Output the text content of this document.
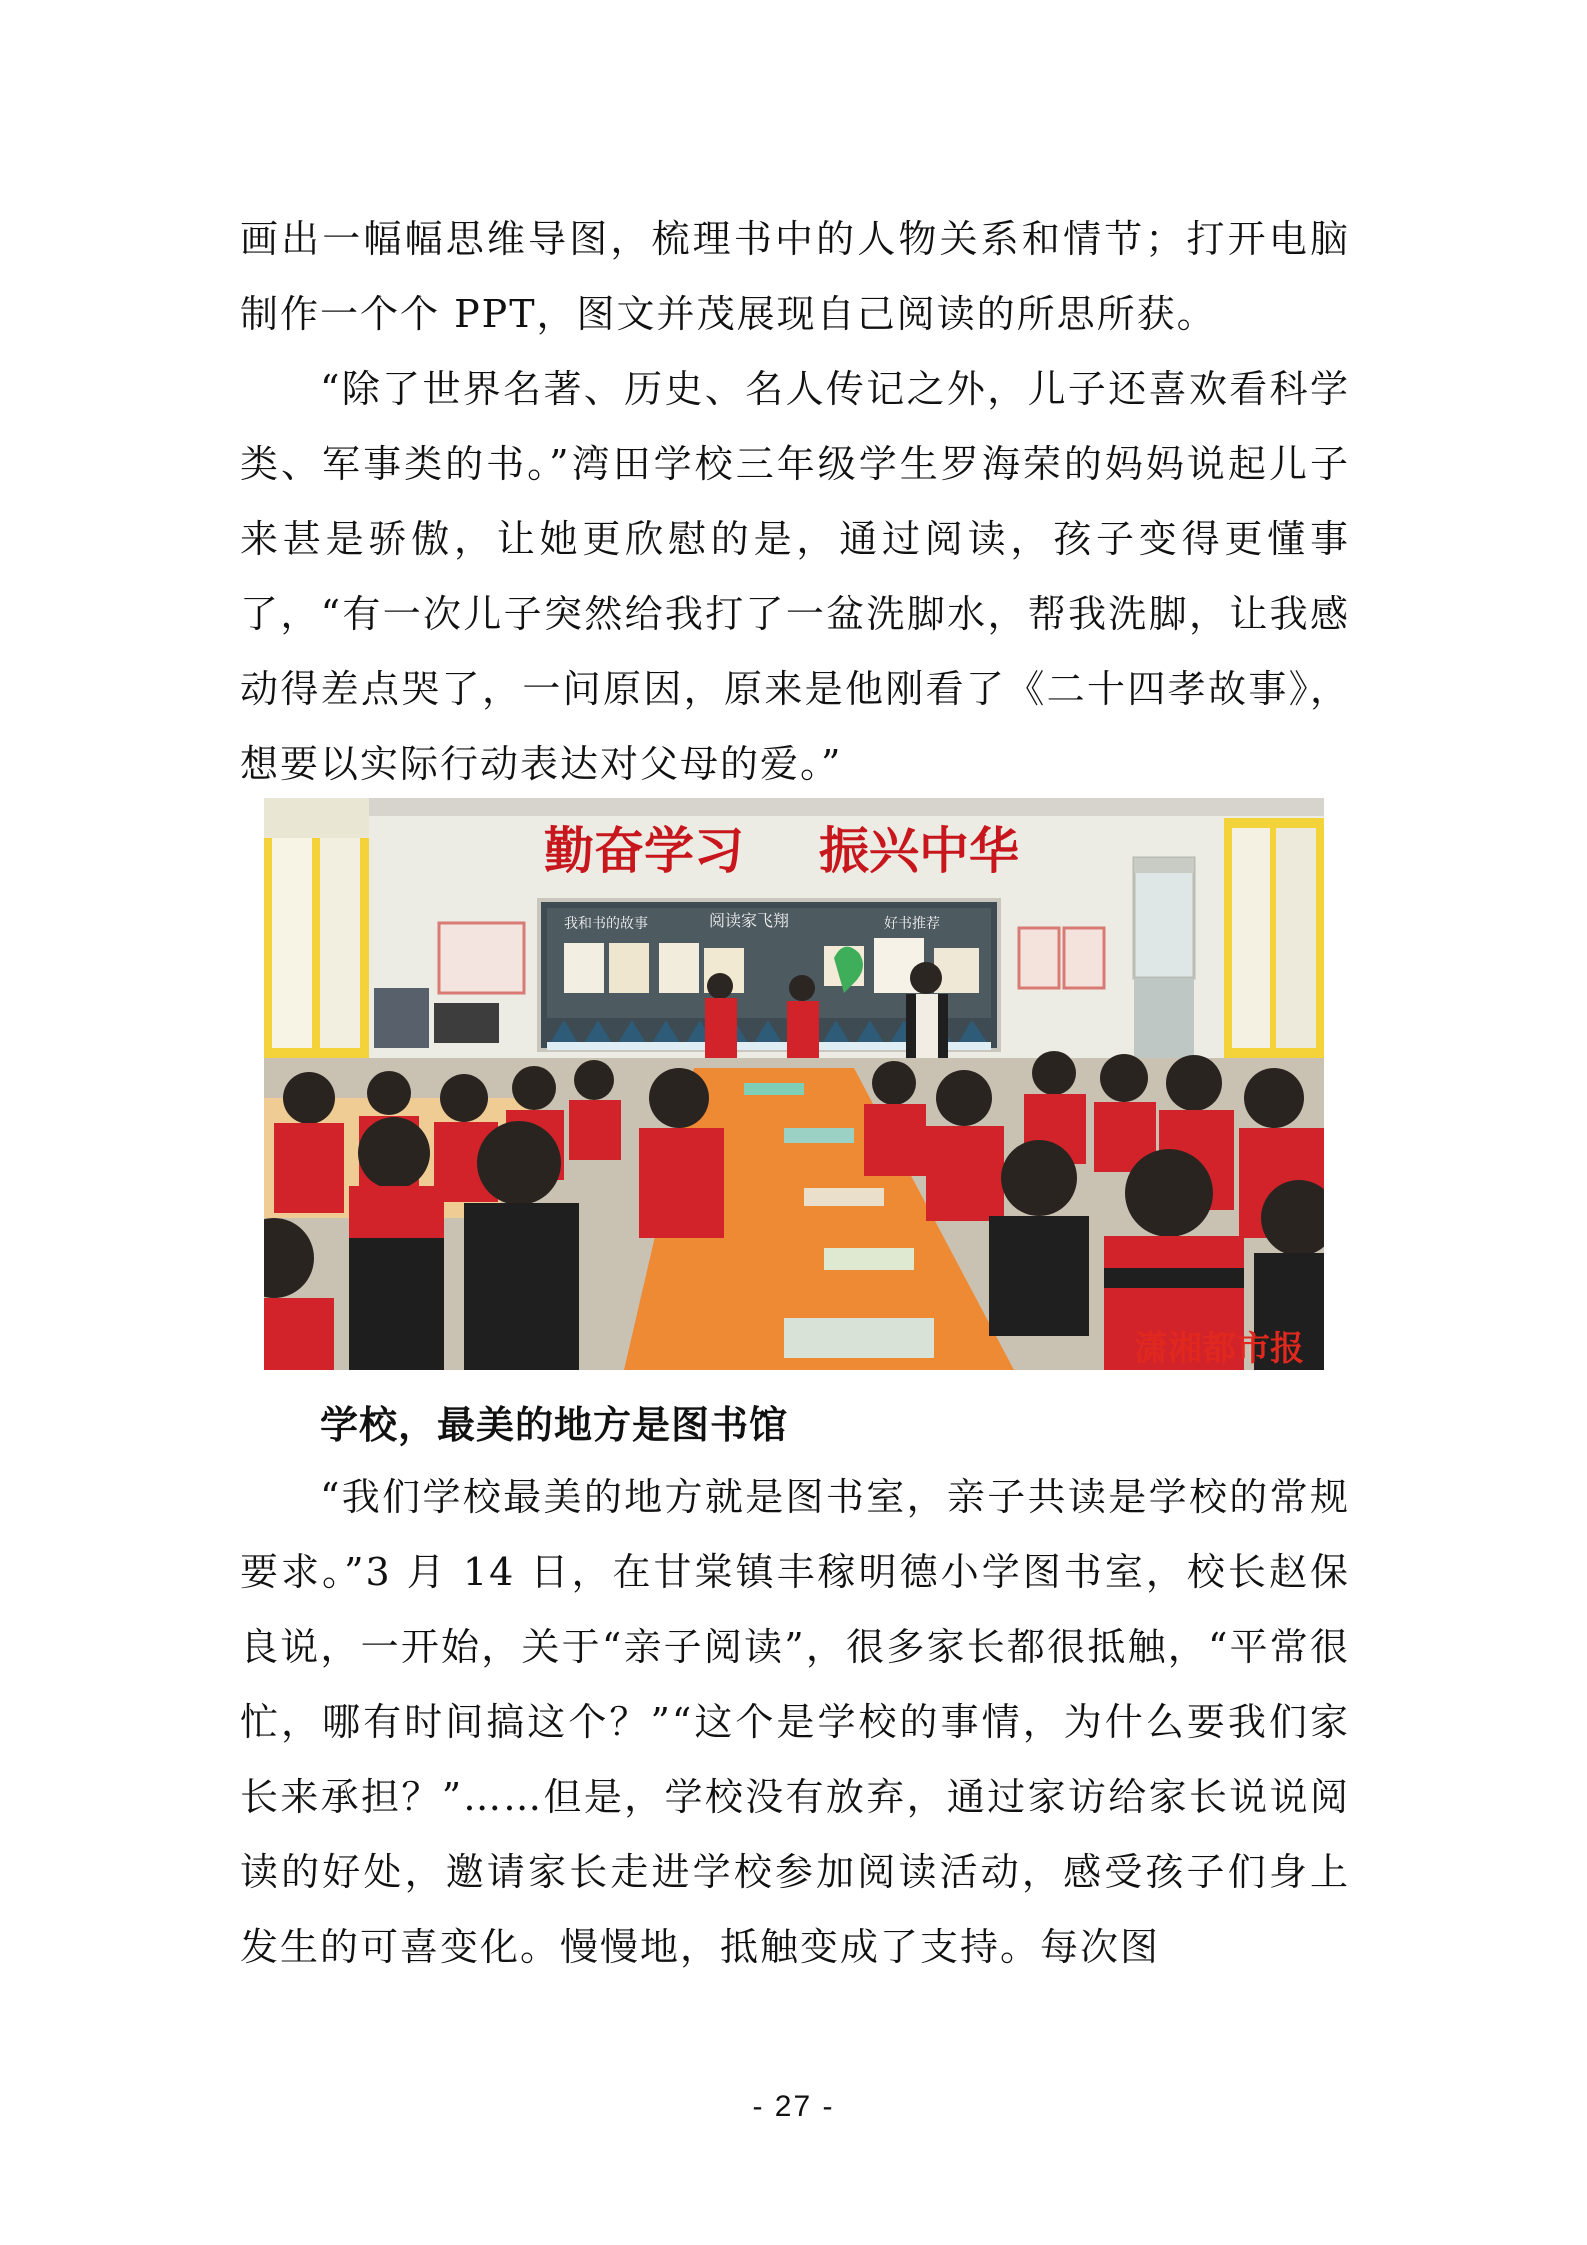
画出一幅幅思维导图，梳理书中的人物关系和情节；打开电脑制作一个个 PPT，图文并茂展现自己阅读的所思所获。

“除了世界名著、历史、名人传记之外，儿子还喜欢看科学类、军事类的书。”湾田学校三年级学生罗海荣的妈妈说起儿子来甚是骄傲，让她更欣慰的是，通过阅读，孩子变得更懂事了，“有一次儿子突然给我打了一盆洗脚水，帮我洗脚，让我感动得差点哭了，一问原因，原来是他刚看了《二十四孝故事》，想要以实际行动表达对父母的爱。”

勤奋学习 振兴中华
我和书的故事	阅读家飞翔	好书推荐
潇湘都市报
学校，最美的地方是图书馆

“我们学校最美的地方就是图书室，亲子共读是学校的常规要求。”3 月 14 日，在甘棠镇丰稼明德小学图书室，校长赵保良说，一开始，关于“亲子阅读”，很多家长都很抵触，“平常很忙，哪有时间搞这个？”“这个是学校的事情，为什么要我们家长来承担？”……但是，学校没有放弃，通过家访给家长说说阅读的好处，邀请家长走进学校参加阅读活动，感受孩子们身上发生的可喜变化。慢慢地，抵触变成了支持。每次图

- 27 -
